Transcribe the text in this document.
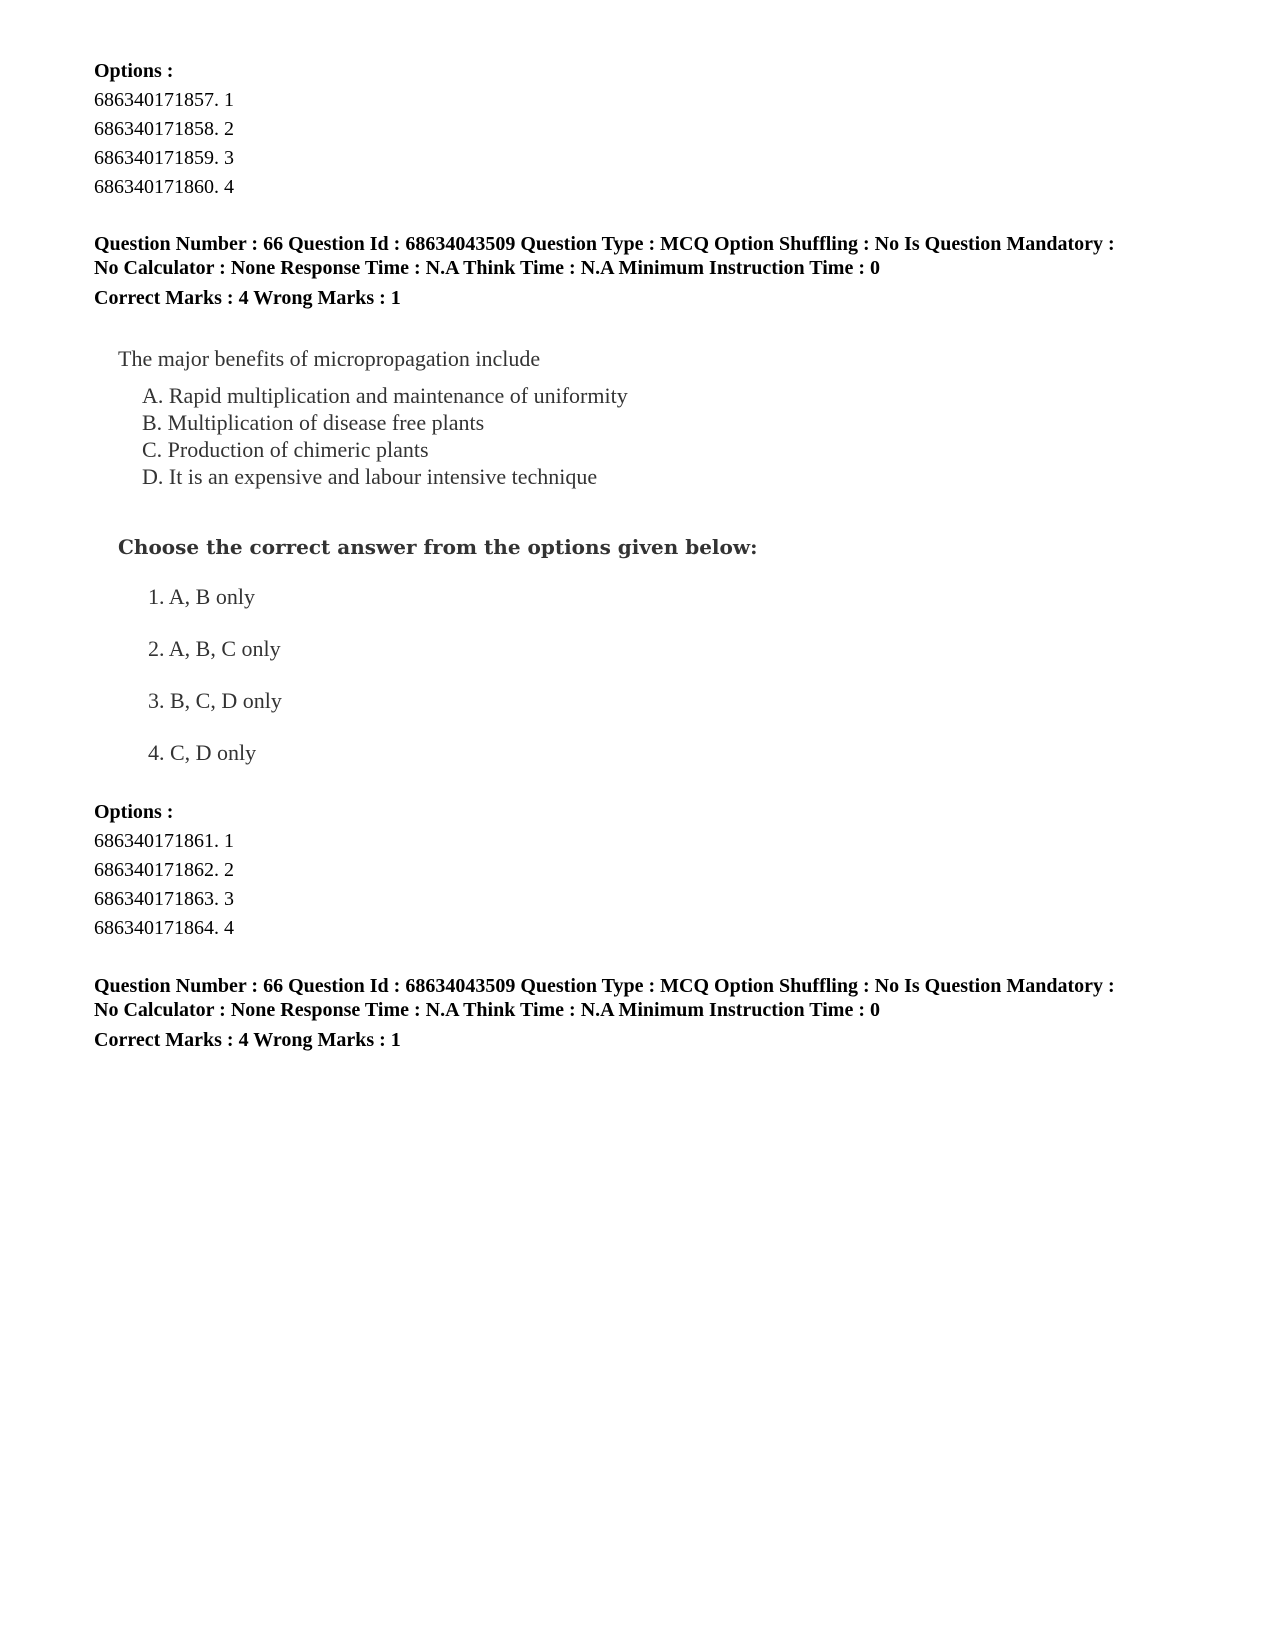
Options :
686340171857. 1
686340171858. 2
686340171859. 3
686340171860. 4
Question Number : 66 Question Id : 68634043509 Question Type : MCQ Option Shuffling : No Is Question Mandatory :
No Calculator : None Response Time : N.A Think Time : N.A Minimum Instruction Time : 0
Correct Marks : 4 Wrong Marks : 1
The major benefits of micropropagation include
A. Rapid multiplication and maintenance of uniformity
B. Multiplication of disease free plants
C. Production of chimeric plants
D. It is an expensive and labour intensive technique
Choose the correct answer from the options given below:
1. A, B only
2. A, B, C only
3. B, C, D only
4. C, D only
Options :
686340171861. 1
686340171862. 2
686340171863. 3
686340171864. 4
Question Number : 66 Question Id : 68634043509 Question Type : MCQ Option Shuffling : No Is Question Mandatory :
No Calculator : None Response Time : N.A Think Time : N.A Minimum Instruction Time : 0
Correct Marks : 4 Wrong Marks : 1
